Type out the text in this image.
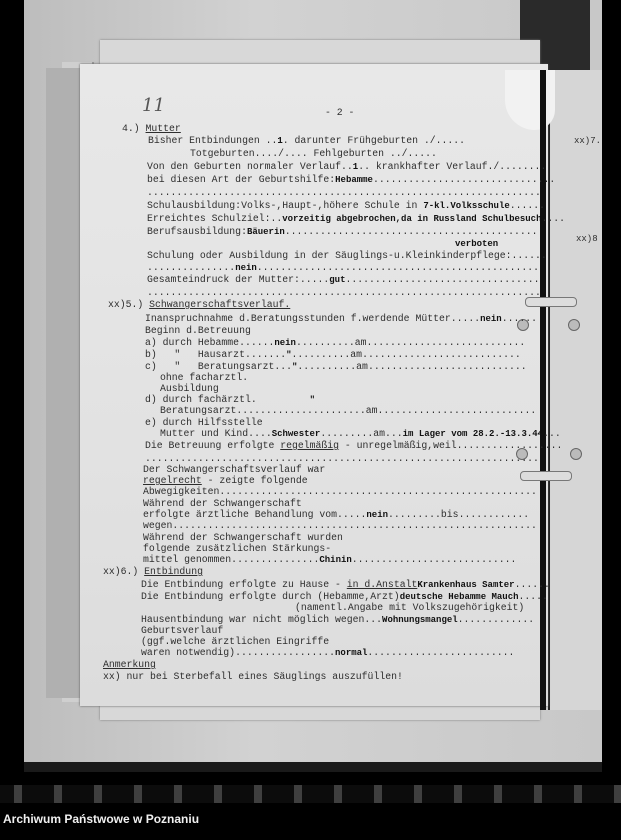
11	- 2 -
xx)7.
xx)8
4.) Mutter
Bisher Entbindungen ..1. darunter Frühgeburten ./.....
Totgeburten..../.... Fehlgeburten ../.....
Von den Geburten normaler Verlauf..1.. krankhafter Verlauf./........
bei diesen Art der Geburtshilfe:Hebamme...............................
...................................................................
Schulausbildung:Volks-,Haupt-,höhere Schule in 7-kl.Volksschule......
Erreichtes Schulziel:..vorzeitig abgebrochen,da in Russland Schulbesuch....
Berufsausbildung:Bäuerin...........................................
verboten
Schulung oder Ausbildung in der Säuglings-u.Kleinkinderpflege:......
...............nein................................................
Gesamteindruck der Mutter:.....gut.................................
...................................................................
xx)5.) Schwangerschaftsverlauf.
Inanspruchnahme d.Beratungsstunden f.werdende Mütter.....nein......
Beginn d.Betreuung
a) durch Hebamme......nein..........am...........................
b)   "   Hausarzt......."..........am...........................
c)   "   Beratungsarzt..."..........am...........................
ohne facharztl.
Ausbildung
d) durch fachärztl.         "
Beratungsarzt......................am...........................
e) durch Hilfsstelle
Mutter und Kind....Schwester.........am...im Lager vom 28.2.-13.3.44...
Die Betreuung erfolgte regelmäßig - unregelmäßig,weil..................
...................................................................
Der Schwangerschaftsverlauf war
regelrecht - zeigte folgende
Abwegigkeiten......................................................
Während der Schwangerschaft
erfolgte ärztliche Behandlung vom.....nein.........bis............
wegen..............................................................
Während der Schwangerschaft wurden
folgende zusätzlichen Stärkungs-
mittel genommen...............Chinin............................
xx)6.) Entbindung
Die Entbindung erfolgte zu Hause - in d.AnstaltKrankenhaus Samter......
Die Entbindung erfolgte durch (Hebamme,Arzt)deutsche Hebamme Mauch.....
(namentl.Angabe mit Volkszugehörigkeit)
Hausentbindung war nicht möglich wegen...Wohnungsmangel.............
Geburtsverlauf
(ggf.welche ärztlichen Eingriffe
waren notwendig).................normal.........................
Anmerkung
xx) nur bei Sterbefall eines Säuglings auszufüllen!
Archiwum Państwowe w Poznaniu
